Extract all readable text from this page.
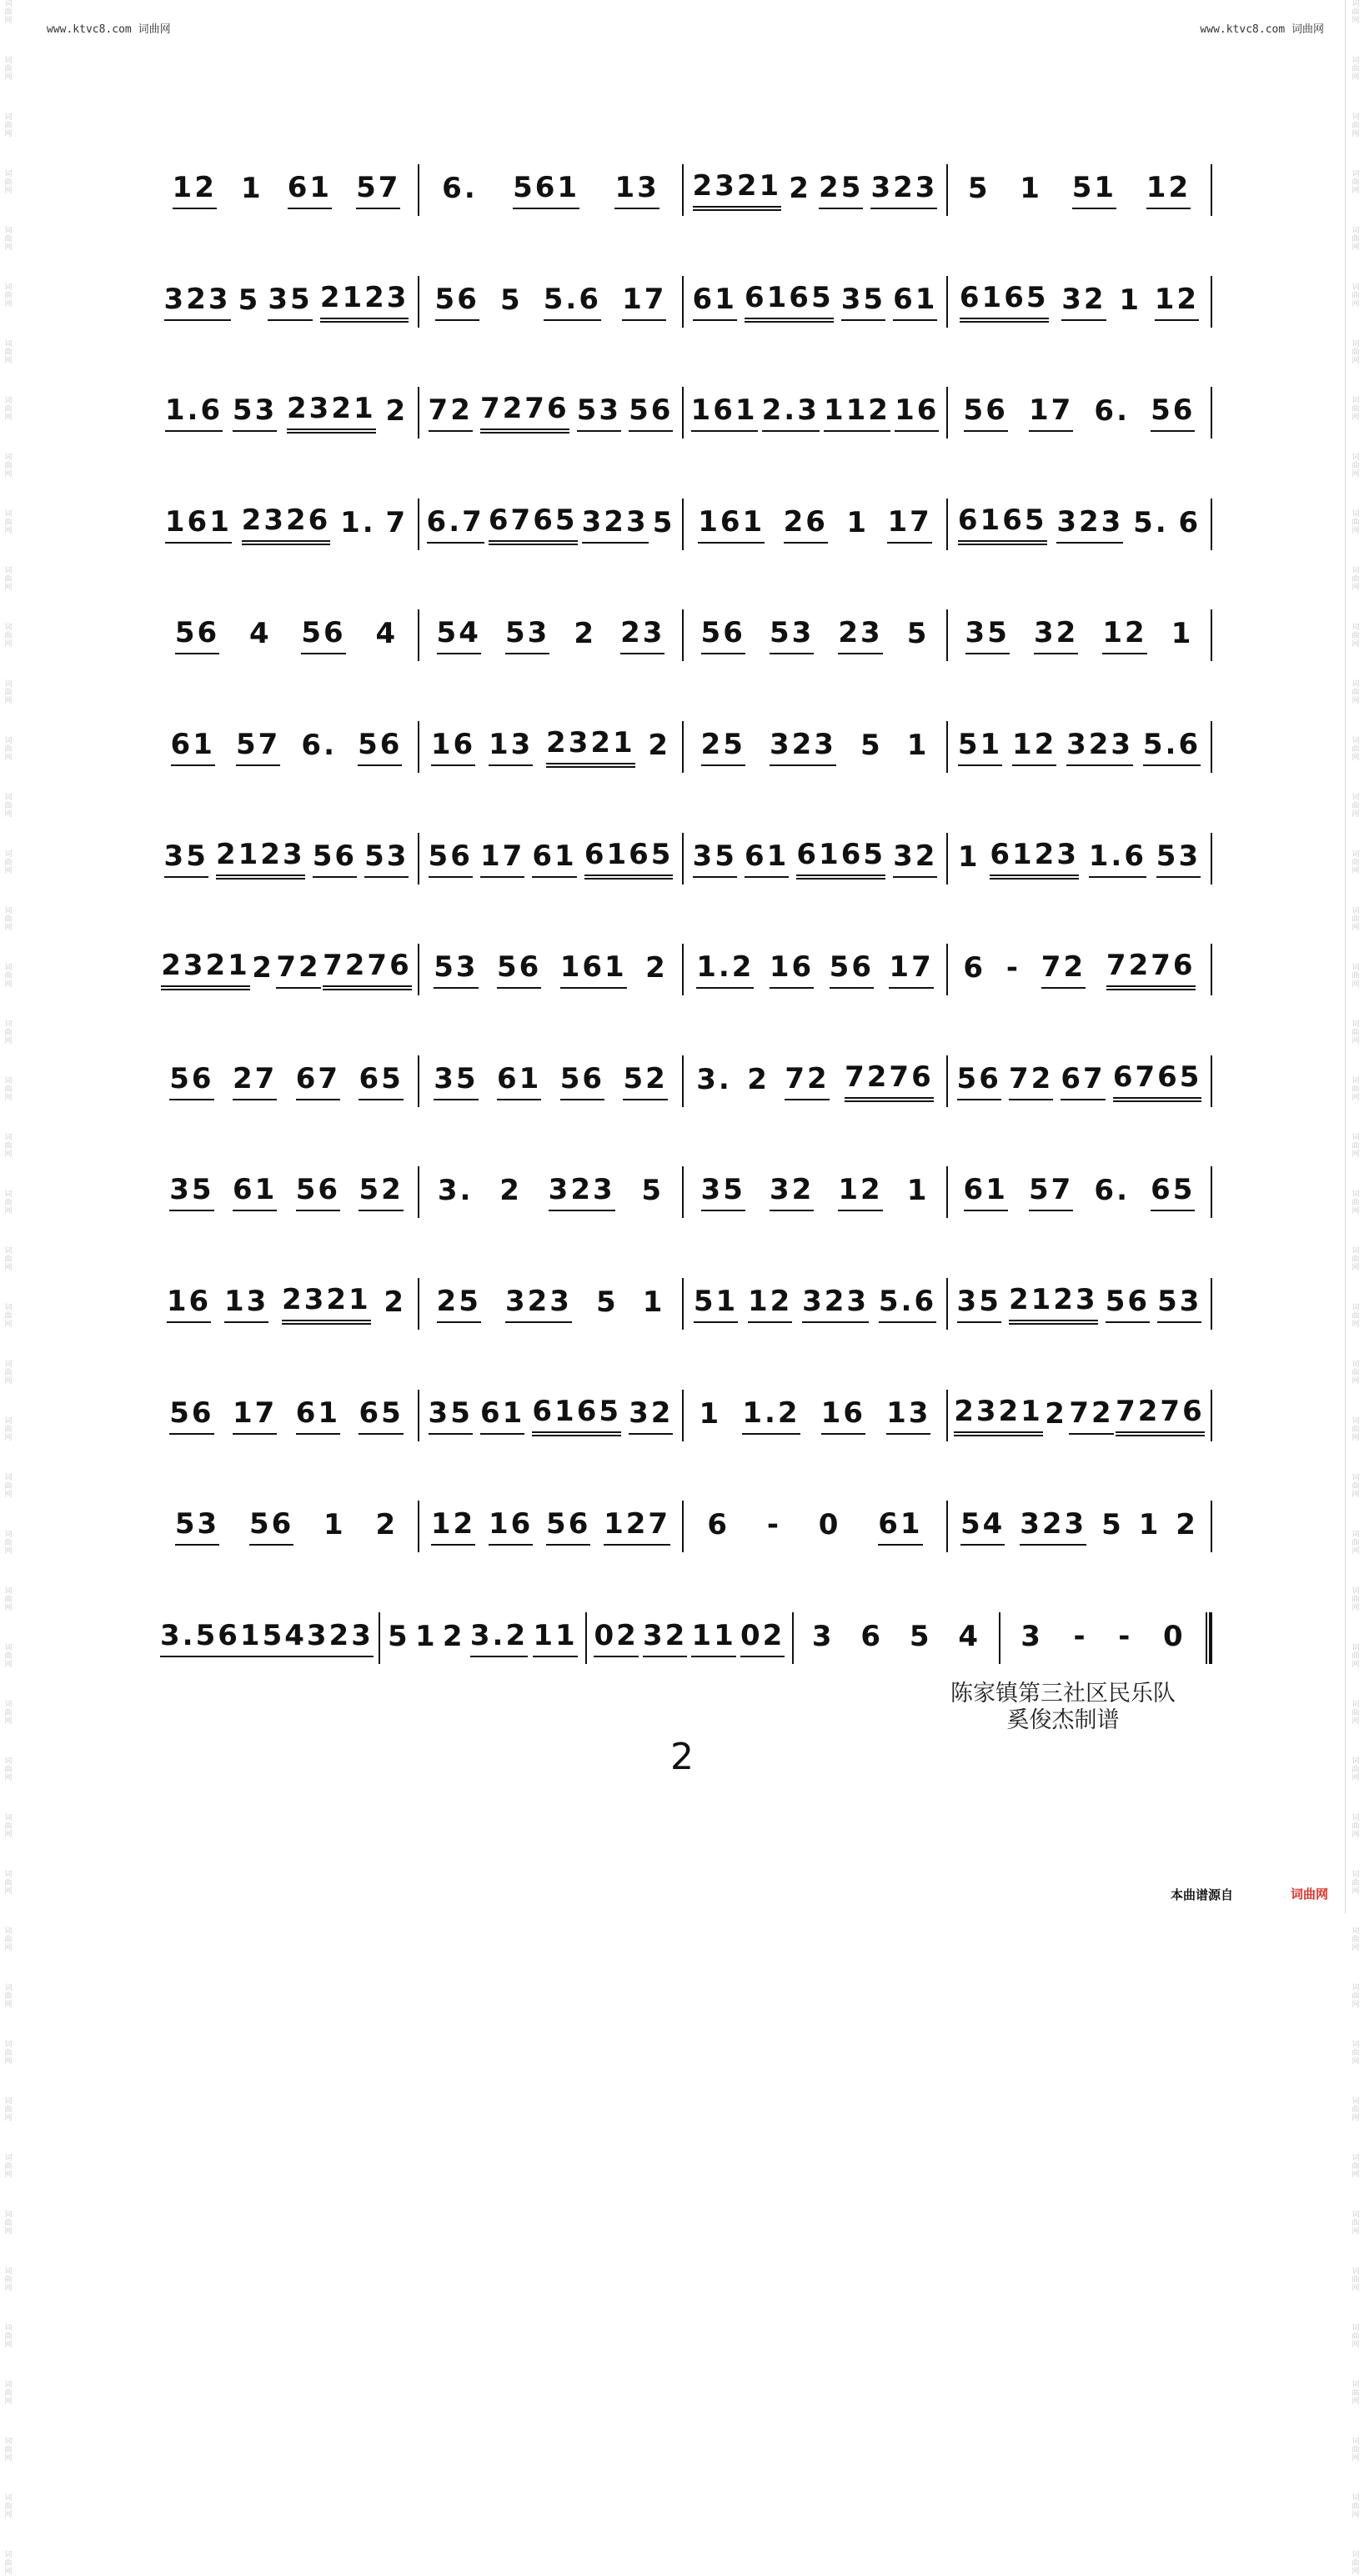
词曲网
词曲网
词曲网
词曲网
词曲网
词曲网
词曲网
词曲网
词曲网
词曲网
词曲网
词曲网
词曲网
词曲网
词曲网
词曲网
词曲网
词曲网
词曲网
词曲网
词曲网
词曲网
词曲网
词曲网
词曲网
词曲网
词曲网
词曲网
词曲网
词曲网
词曲网
词曲网
词曲网
词曲网
词曲网
词曲网
词曲网
词曲网
词曲网
词曲网
词曲网
词曲网
词曲网
词曲网
词曲网
词曲网
词曲网
词曲网
词曲网
词曲网
词曲网
词曲网
词曲网
词曲网
词曲网
词曲网
词曲网
词曲网
词曲网
词曲网
词曲网
词曲网
词曲网
词曲网
词曲网
词曲网
词曲网
词曲网
词曲网
词曲网
词曲网
词曲网
词曲网
词曲网
词曲网
词曲网
词曲网
词曲网
词曲网
词曲网
词曲网
词曲网
词曲网
词曲网
词曲网
词曲网
词曲网
词曲网
词曲网
词曲网
词曲网
词曲网
www.ktvc8.com 词曲网	www.ktvc8.com 词曲网
12 1 61 57 6. 561 13 2321 2 25 323 5 1 51 12
323 5 35 2123 56 5 5.6 17 61 6165 35 61 6165 32 1 12
1.6 53 2321 2 72 7276 53 56 161 2.3 112 16 56 17 6. 56
161 2326 1. 7 6.7 6765 323 5 161 26 1 17 6165 323 5. 6
56 4 56 4 54 53 2 23 56 53 23 5 35 32 12 1
61 57 6. 56 16 13 2321 2 25 323 5 1 51 12 323 5.6
35 2123 56 53 56 17 61 6165 35 61 6165 32 1 6123 1.6 53
2321 2 72 7276 53 56 161 2 1.2 16 56 17 6 - 72 7276
56 27 67 65 35 61 56 52 3. 2 72 7276 56 72 67 6765
35 61 56 52 3. 2 323 5 35 32 12 1 61 57 6. 65
16 13 2321 2 25 323 5 1 51 12 323 5.6 35 2123 56 53
56 17 61 65 35 61 6165 32 1 1.2 16 13 2321 2 72 7276
53 56 1 2 12 16 56 127 6 - 0 61 54 323 5 1 2
3.5 61 54 323 5 1 2 3.2 11 02 32 11 02 3 6 5 4 3 - - 0
陈家镇第三社区民乐队
奚俊杰制谱
2
本曲谱源自	词曲网
